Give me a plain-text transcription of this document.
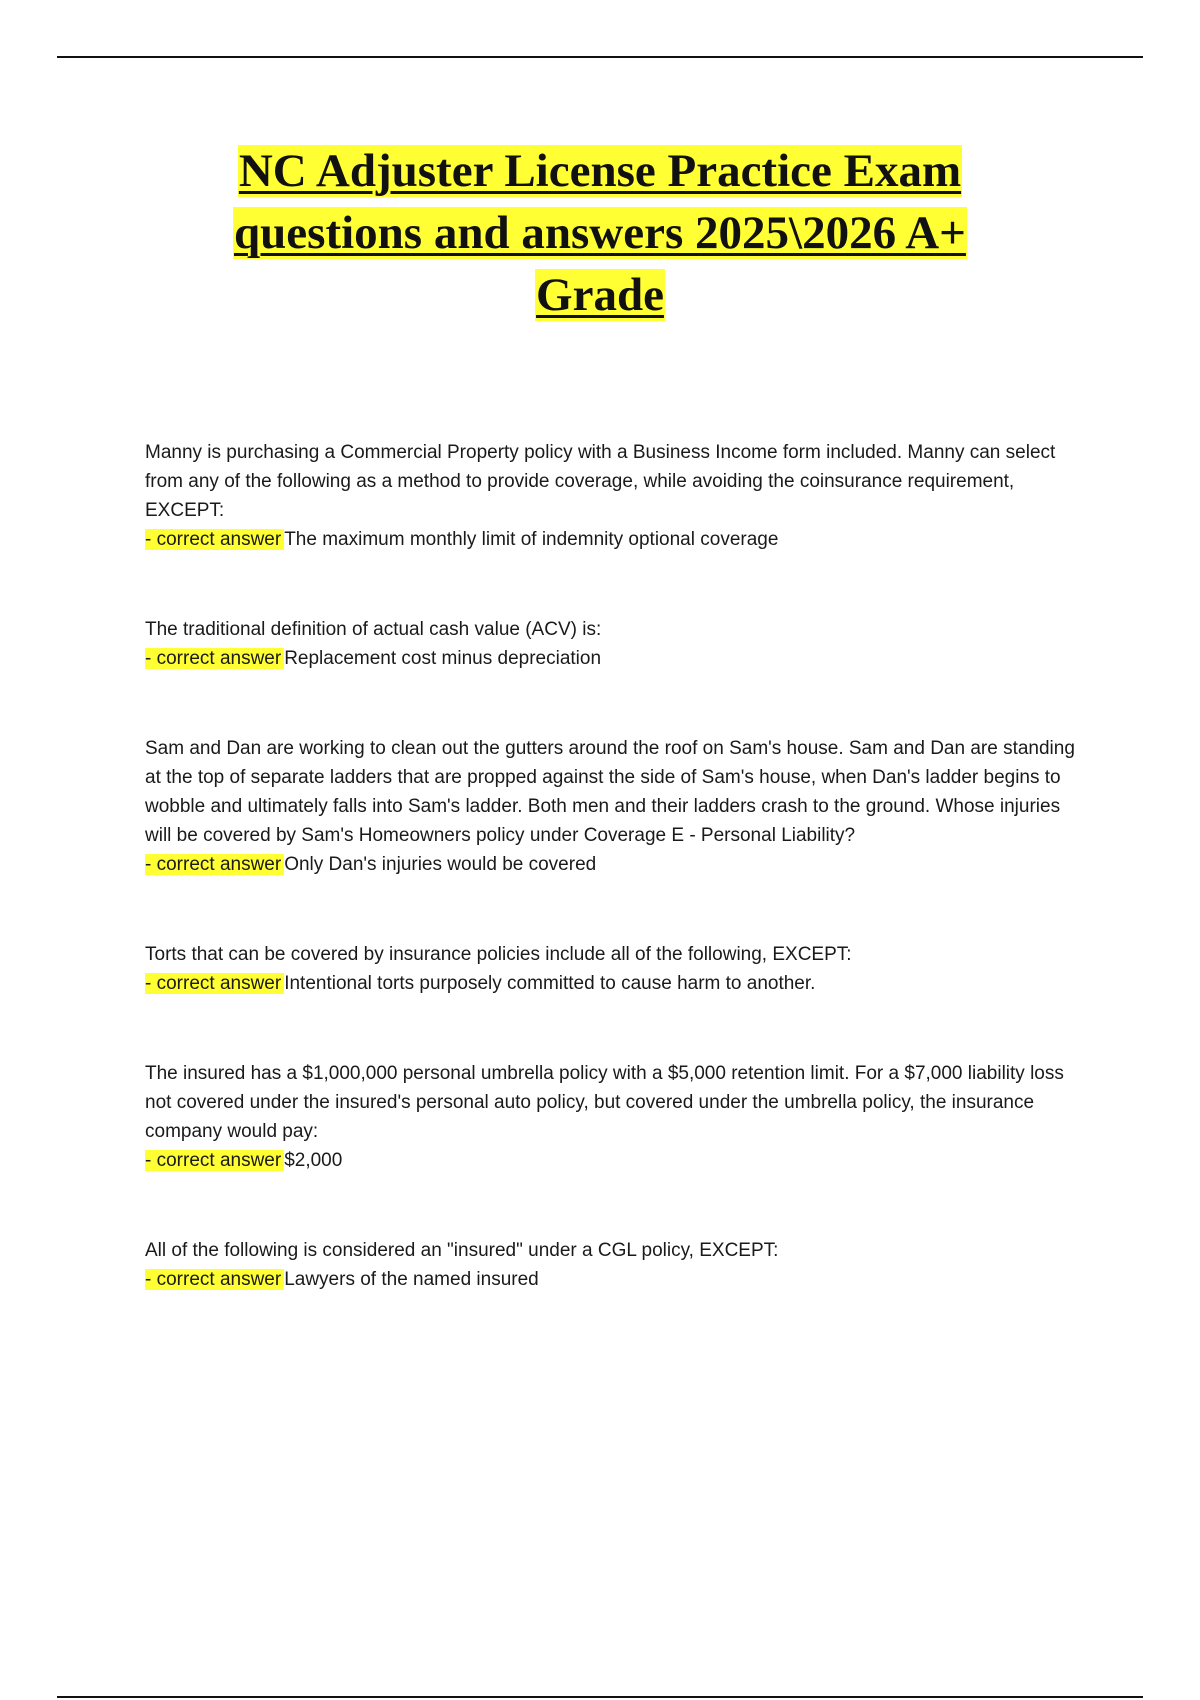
NC Adjuster License Practice Exam
questions and answers 2025\2026 A+
Grade

Manny is purchasing a Commercial Property policy with a Business Income form included. Manny can select from any of the following as a method to provide coverage, while avoiding the coinsurance requirement, EXCEPT:

- correct answer The maximum monthly limit of indemnity optional coverage

The traditional definition of actual cash value (ACV) is:

- correct answer Replacement cost minus depreciation

Sam and Dan are working to clean out the gutters around the roof on Sam's house. Sam and Dan are standing at the top of separate ladders that are propped against the side of Sam's house, when Dan's ladder begins to wobble and ultimately falls into Sam's ladder. Both men and their ladders crash to the ground. Whose injuries will be covered by Sam's Homeowners policy under Coverage E - Personal Liability?

- correct answer Only Dan's injuries would be covered

Torts that can be covered by insurance policies include all of the following, EXCEPT:

- correct answer Intentional torts purposely committed to cause harm to another.

The insured has a $1,000,000 personal umbrella policy with a $5,000 retention limit. For a $7,000 liability loss not covered under the insured's personal auto policy, but covered under the umbrella policy, the insurance company would pay:

- correct answer $2,000

All of the following is considered an "insured" under a CGL policy, EXCEPT:

- correct answer Lawyers of the named insured
